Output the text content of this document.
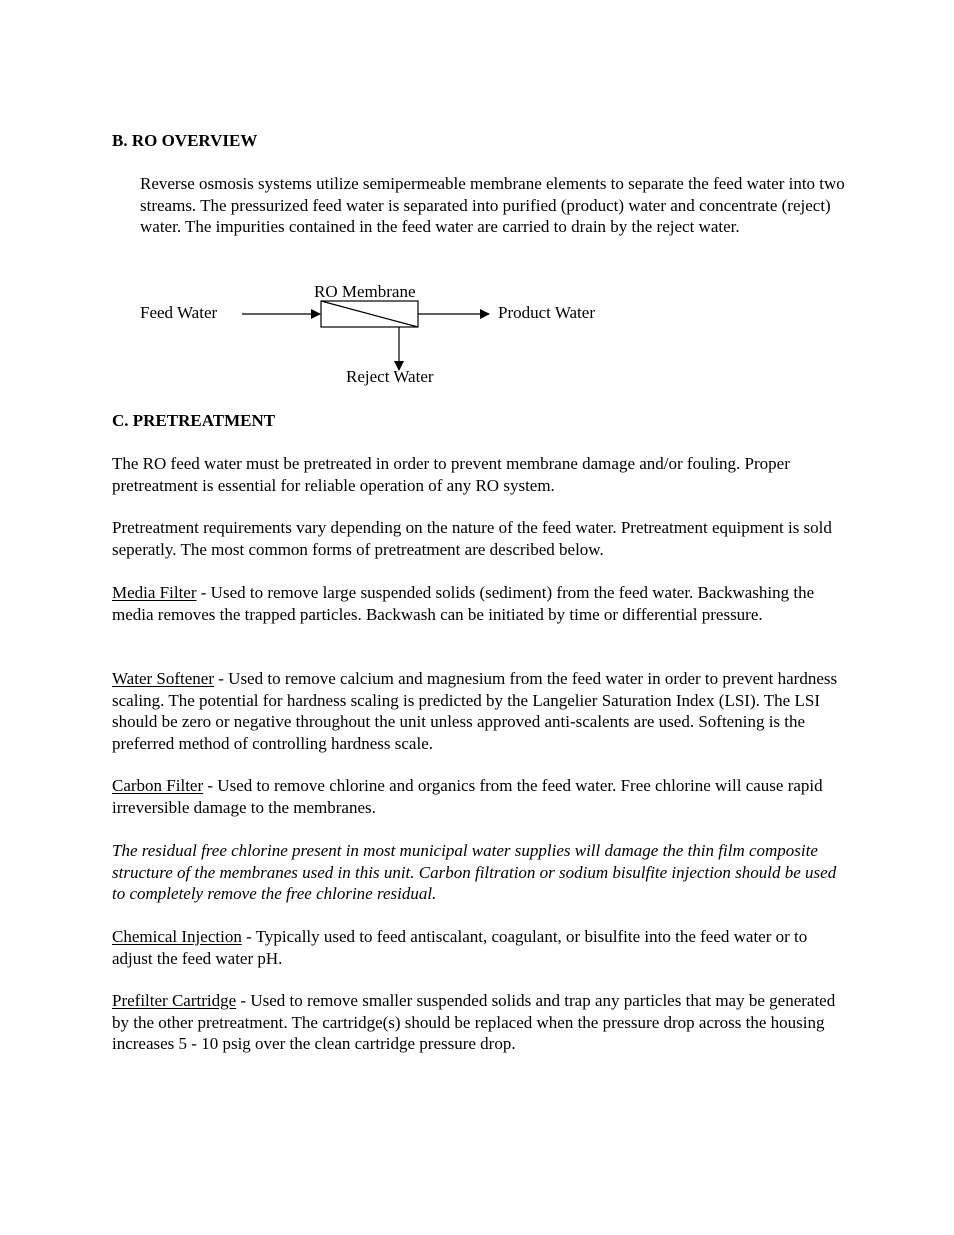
B. RO OVERVIEW
Reverse osmosis systems utilize semipermeable membrane elements to separate the feed water into two streams. The pressurized feed water is separated into purified (product) water and concentrate (reject) water. The impurities contained in the feed water are carried to drain by the reject water.
RO Membrane
Feed Water	Product Water
Reject Water
C. PRETREATMENT
The RO feed water must be pretreated in order to prevent membrane damage and/or fouling. Proper pretreatment is essential for reliable operation of any RO system.
Pretreatment requirements vary depending on the nature of the feed water. Pretreatment equipment is sold seperatly. The most common forms of pretreatment are described below.
Media Filter - Used to remove large suspended solids (sediment) from the feed water. Backwashing the media removes the trapped particles. Backwash can be initiated by time or differential pressure.
Water Softener - Used to remove calcium and magnesium from the feed water in order to prevent hardness scaling. The potential for hardness scaling is predicted by the Langelier Saturation Index (LSI). The LSI should be zero or negative throughout the unit unless approved anti-scalents are used. Softening is the preferred method of controlling hardness scale.
Carbon Filter - Used to remove chlorine and organics from the feed water. Free chlorine will cause rapid irreversible damage to the membranes.
The residual free chlorine present in most municipal water supplies will damage the thin film composite structure of the membranes used in this unit. Carbon filtration or sodium bisulfite injection should be used to completely remove the free chlorine residual.
Chemical Injection - Typically used to feed antiscalant, coagulant, or bisulfite into the feed water or to adjust the feed water pH.
Prefilter Cartridge - Used to remove smaller suspended solids and trap any particles that may be generated by the other pretreatment. The cartridge(s) should be replaced when the pressure drop across the housing increases 5 - 10 psig over the clean cartridge pressure drop.
